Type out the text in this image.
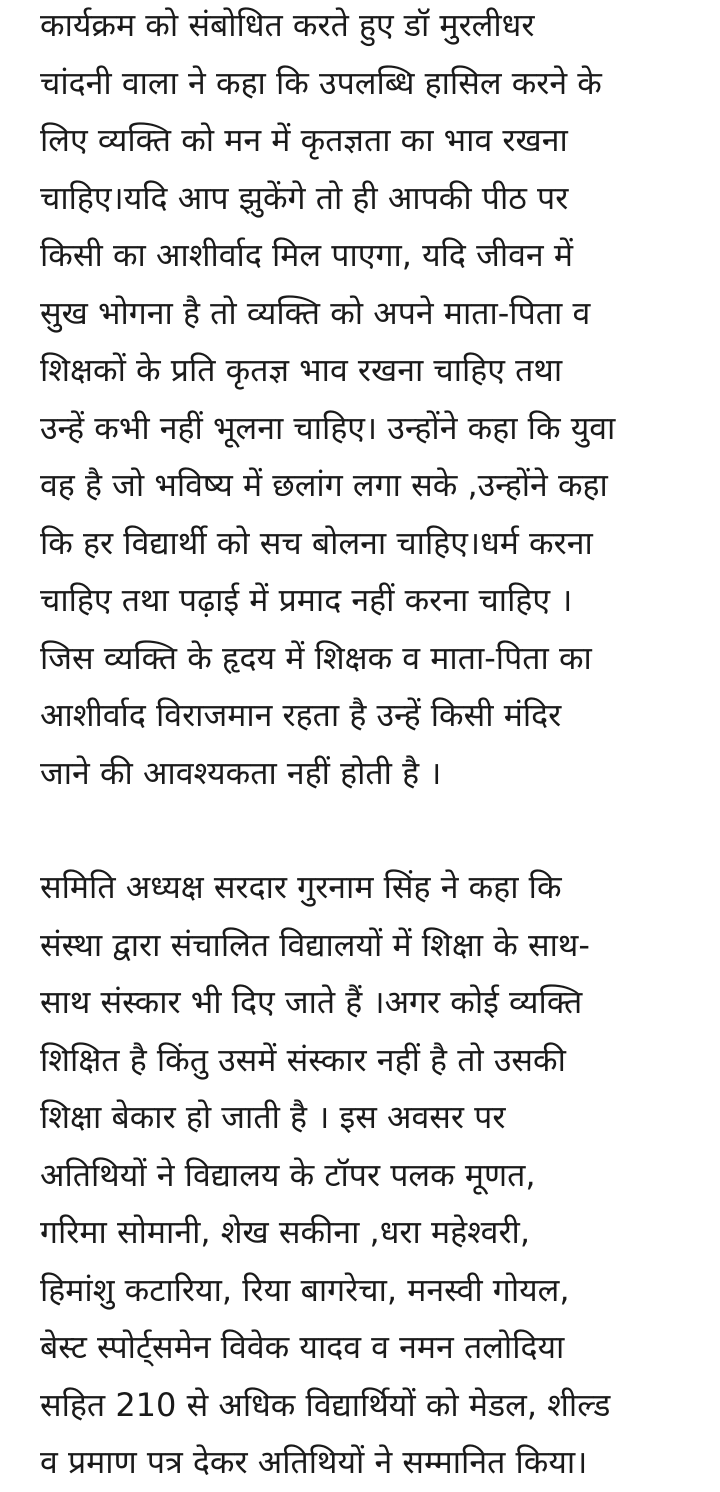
कार्यक्रम को संबोधित करते हुए डॉ मुरलीधर
चांदनी वाला ने कहा कि उपलब्धि हासिल करने के
लिए व्यक्ति को मन में कृतज्ञता का भाव रखना
चाहिए।यदि आप झुकेंगे तो ही आपकी पीठ पर
किसी का आशीर्वाद मिल पाएगा, यदि जीवन में
सुख भोगना है तो व्यक्ति को अपने माता-पिता व
शिक्षकों के प्रति कृतज्ञ भाव रखना चाहिए तथा
उन्हें कभी नहीं भूलना चाहिए। उन्होंने कहा कि युवा
वह है जो भविष्य में छलांग लगा सके ,उन्होंने कहा
कि हर विद्यार्थी को सच बोलना चाहिए।धर्म करना
चाहिए तथा पढ़ाई में प्रमाद नहीं करना चाहिए ।
जिस व्यक्ति के हृदय में शिक्षक व माता-पिता का
आशीर्वाद विराजमान रहता है उन्हें किसी मंदिर
जाने की आवश्यकता नहीं होती है ।

समिति अध्यक्ष सरदार गुरनाम सिंह ने कहा कि
संस्था द्वारा संचालित विद्यालयों में शिक्षा के साथ-
साथ संस्कार भी दिए जाते हैं ।अगर कोई व्यक्ति
शिक्षित है किंतु उसमें संस्कार नहीं है तो उसकी
शिक्षा बेकार हो जाती है । इस अवसर पर
अतिथियों ने विद्यालय के टॉपर पलक मूणत,
गरिमा सोमानी, शेख सकीना ,धरा महेश्वरी,
हिमांशु कटारिया, रिया बागरेचा, मनस्वी गोयल,
बेस्ट स्पोर्ट्समेन विवेक यादव व नमन तलोदिया
सहित 210 से अधिक विद्यार्थियों को मेडल, शील्ड
व प्रमाण पत्र देकर अतिथियों ने सम्मानित किया।
